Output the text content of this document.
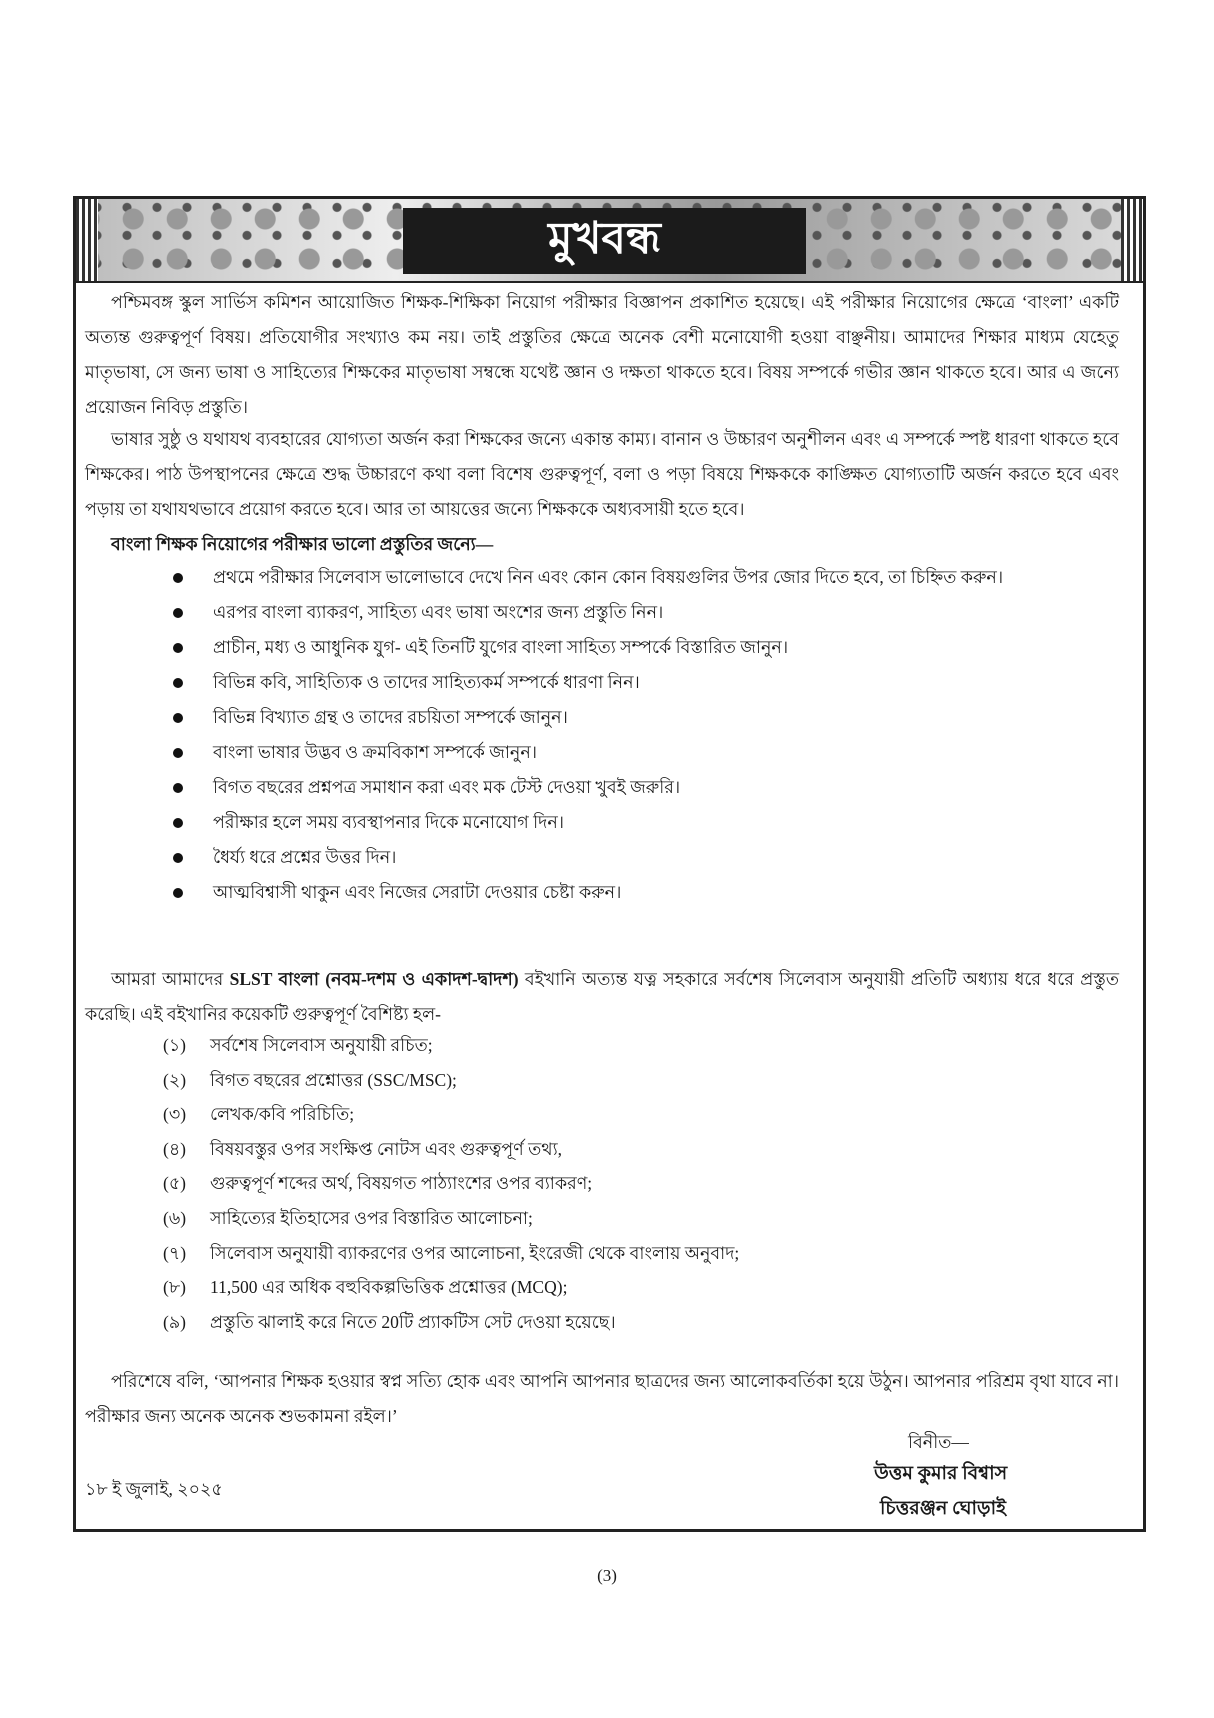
মুখবন্ধ
পশ্চিমবঙ্গ স্কুল সার্ভিস কমিশন আয়োজিত শিক্ষক-শিক্ষিকা নিয়োগ পরীক্ষার বিজ্ঞাপন প্রকাশিত হয়েছে। এই পরীক্ষার নিয়োগের ক্ষেত্রে ‘বাংলা’ একটি অত্যন্ত গুরুত্বপূর্ণ বিষয়। প্রতিযোগীর সংখ্যাও কম নয়। তাই প্রস্তুতির ক্ষেত্রে অনেক বেশী মনোযোগী হওয়া বাঞ্ছনীয়। আমাদের শিক্ষার মাধ্যম যেহেতু মাতৃভাষা, সে জন্য ভাষা ও সাহিত্যের শিক্ষকের মাতৃভাষা সম্বন্ধে যথেষ্ট জ্ঞান ও দক্ষতা থাকতে হবে। বিষয় সম্পর্কে গভীর জ্ঞান থাকতে হবে। আর এ জন্যে প্রয়োজন নিবিড় প্রস্তুতি।
ভাষার সুষ্ঠু ও যথাযথ ব্যবহারের যোগ্যতা অর্জন করা শিক্ষকের জন্যে একান্ত কাম্য। বানান ও উচ্চারণ অনুশীলন এবং এ সম্পর্কে স্পষ্ট ধারণা থাকতে হবে শিক্ষকের। পাঠ উপস্থাপনের ক্ষেত্রে শুদ্ধ উচ্চারণে কথা বলা বিশেষ গুরুত্বপূর্ণ, বলা ও পড়া বিষয়ে শিক্ষককে কাঙ্ক্ষিত যোগ্যতাটি অর্জন করতে হবে এবং পড়ায় তা যথাযথভাবে প্রয়োগ করতে হবে। আর তা আয়ত্তের জন্যে শিক্ষককে অধ্যবসায়ী হতে হবে।
বাংলা শিক্ষক নিয়োগের পরীক্ষার ভালো প্রস্তুতির জন্যে—
প্রথমে পরীক্ষার সিলেবাস ভালোভাবে দেখে নিন এবং কোন কোন বিষয়গুলির উপর জোর দিতে হবে, তা চিহ্নিত করুন।
এরপর বাংলা ব্যাকরণ, সাহিত্য এবং ভাষা অংশের জন্য প্রস্তুতি নিন।
প্রাচীন, মধ্য ও আধুনিক যুগ- এই তিনটি যুগের বাংলা সাহিত্য সম্পর্কে বিস্তারিত জানুন।
বিভিন্ন কবি, সাহিত্যিক ও তাদের সাহিত্যকর্ম সম্পর্কে ধারণা নিন।
বিভিন্ন বিখ্যাত গ্রন্থ ও তাদের রচয়িতা সম্পর্কে জানুন।
বাংলা ভাষার উদ্ভব ও ক্রমবিকাশ সম্পর্কে জানুন।
বিগত বছরের প্রশ্নপত্র সমাধান করা এবং মক টেস্ট দেওয়া খুবই জরুরি।
পরীক্ষার হলে সময় ব্যবস্থাপনার দিকে মনোযোগ দিন।
ধৈর্য্য ধরে প্রশ্নের উত্তর দিন।
আত্মবিশ্বাসী থাকুন এবং নিজের সেরাটা দেওয়ার চেষ্টা করুন।
আমরা আমাদের SLST বাংলা (নবম-দশম ও একাদশ-দ্বাদশ) বইখানি অত্যন্ত যত্ন সহকারে সর্বশেষ সিলেবাস অনুযায়ী প্রতিটি অধ্যায় ধরে ধরে প্রস্তুত করেছি। এই বইখানির কয়েকটি গুরুত্বপূর্ণ বৈশিষ্ট্য হল-
(১) সর্বশেষ সিলেবাস অনুযায়ী রচিত;
(২) বিগত বছরের প্রশ্নোত্তর (SSC/MSC);
(৩) লেখক/কবি পরিচিতি;
(৪) বিষয়বস্তুর ওপর সংক্ষিপ্ত নোটস এবং গুরুত্বপূর্ণ তথ্য,
(৫) গুরুত্বপূর্ণ শব্দের অর্থ, বিষয়গত পাঠ্যাংশের ওপর ব্যাকরণ;
(৬) সাহিত্যের ইতিহাসের ওপর বিস্তারিত আলোচনা;
(৭) সিলেবাস অনুযায়ী ব্যাকরণের ওপর আলোচনা, ইংরেজী থেকে বাংলায় অনুবাদ;
(৮) 11,500 এর অধিক বহুবিকল্পভিত্তিক প্রশ্নোত্তর (MCQ);
(৯) প্রস্তুতি ঝালাই করে নিতে 20টি প্র্যাকটিস সেট দেওয়া হয়েছে।
পরিশেষে বলি, ‘আপনার শিক্ষক হওয়ার স্বপ্ন সত্যি হোক এবং আপনি আপনার ছাত্রদের জন্য আলোকবর্তিকা হয়ে উঠুন। আপনার পরিশ্রম বৃথা যাবে না। পরীক্ষার জন্য অনেক অনেক শুভকামনা রইল।’
বিনীত—
উত্তম কুমার বিশ্বাস
চিত্তরঞ্জন ঘোড়াই
১৮ ই জুলাই, ২০২৫
(3)
